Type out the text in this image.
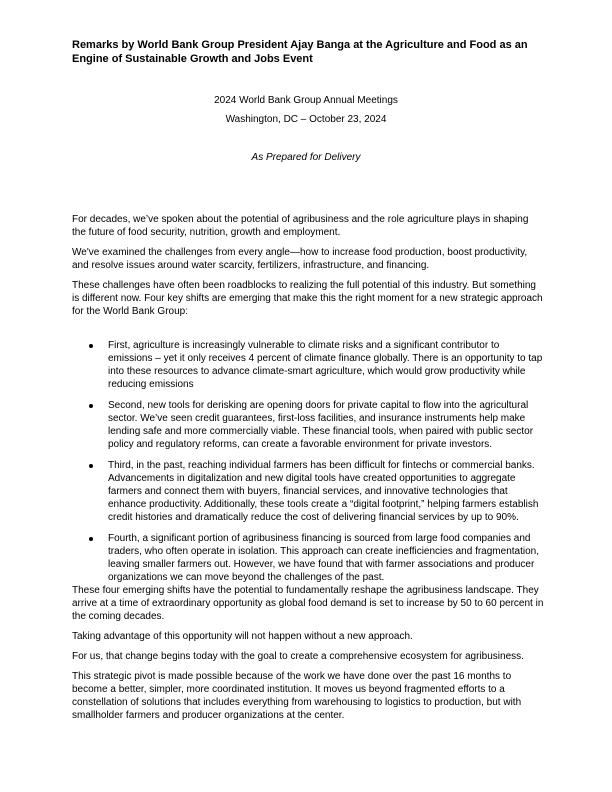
Remarks by World Bank Group President Ajay Banga at the Agriculture and Food as an Engine of Sustainable Growth and Jobs Event
2024 World Bank Group Annual Meetings
Washington, DC – October 23, 2024
As Prepared for Delivery

For decades, we’ve spoken about the potential of agribusiness and the role agriculture plays in shaping the future of food security, nutrition, growth and employment.

We've examined the challenges from every angle—how to increase food production, boost productivity, and resolve issues around water scarcity, fertilizers, infrastructure, and financing.

These challenges have often been roadblocks to realizing the full potential of this industry. But something is different now. Four key shifts are emerging that make this the right moment for a new strategic approach for the World Bank Group:

First, agriculture is increasingly vulnerable to climate risks and a significant contributor to emissions – yet it only receives 4 percent of climate finance globally. There is an opportunity to tap into these resources to advance climate-smart agriculture, which would grow productivity while reducing emissions
Second, new tools for derisking are opening doors for private capital to flow into the agricultural sector. We’ve seen credit guarantees, first-loss facilities, and insurance instruments help make lending safe and more commercially viable. These financial tools, when paired with public sector policy and regulatory reforms, can create a favorable environment for private investors.
Third, in the past, reaching individual farmers has been difficult for fintechs or commercial banks. Advancements in digitalization and new digital tools have created opportunities to aggregate farmers and connect them with buyers, financial services, and innovative technologies that enhance productivity. Additionally, these tools create a “digital footprint,” helping farmers establish credit histories and dramatically reduce the cost of delivering financial services by up to 90%.
Fourth, a significant portion of agribusiness financing is sourced from large food companies and traders, who often operate in isolation. This approach can create inefficiencies and fragmentation, leaving smaller farmers out. However, we have found that with farmer associations and producer organizations we can move beyond the challenges of the past.

These four emerging shifts have the potential to fundamentally reshape the agribusiness landscape. They arrive at a time of extraordinary opportunity as global food demand is set to increase by 50 to 60 percent in the coming decades.

Taking advantage of this opportunity will not happen without a new approach.

For us, that change begins today with the goal to create a comprehensive ecosystem for agribusiness.

This strategic pivot is made possible because of the work we have done over the past 16 months to become a better, simpler, more coordinated institution. It moves us beyond fragmented efforts to a constellation of solutions that includes everything from warehousing to logistics to production, but with smallholder farmers and producer organizations at the center.
